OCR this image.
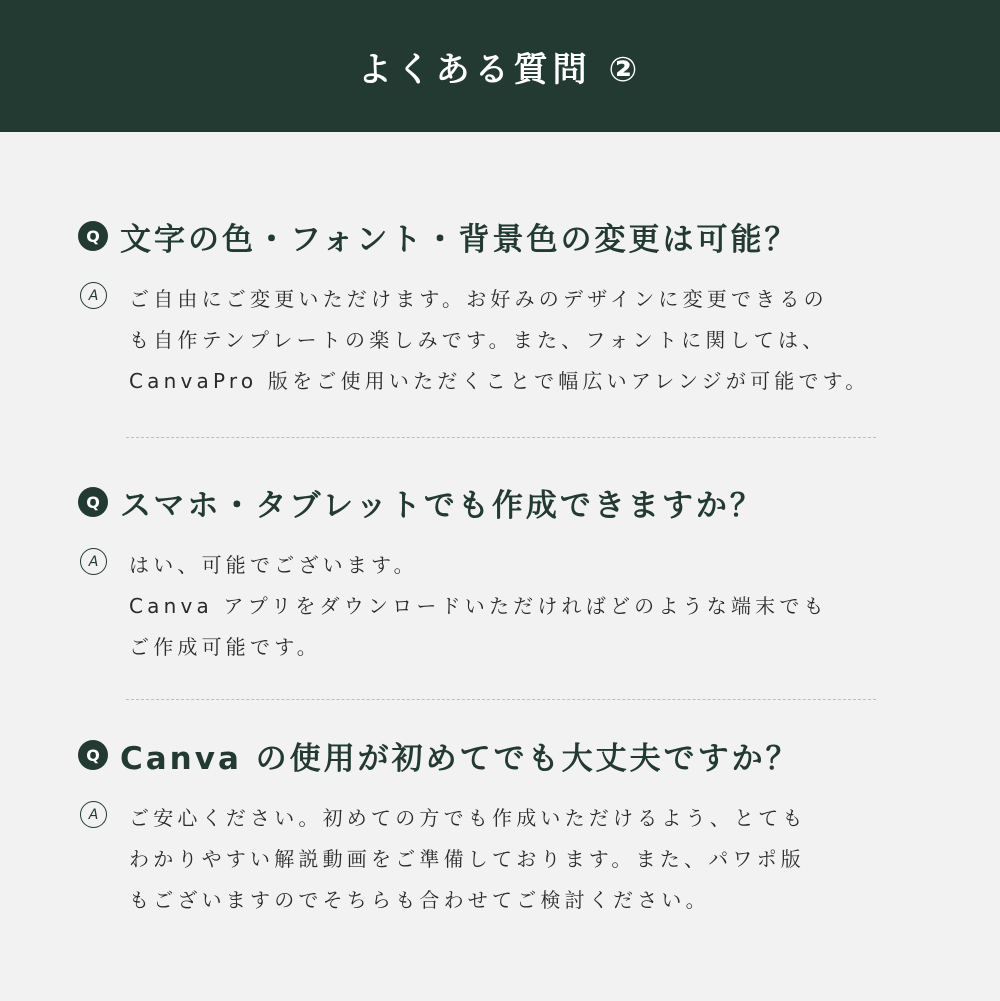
よくある質問 ②
Q 文字の色・フォント・背景色の変更は可能？
A	ご自由にご変更いただけます。お好みのデザインに変更できるの
も自作テンプレートの楽しみです。また、フォントに関しては、
CanvaPro 版をご使用いただくことで幅広いアレンジが可能です。
Q スマホ・タブレットでも作成できますか？
A	はい、可能でございます。
Canva アプリをダウンロードいただければどのような端末でも
ご作成可能です。
Q Canva の使用が初めてでも大丈夫ですか？
A	ご安心ください。初めての方でも作成いただけるよう、とても
わかりやすい解説動画をご準備しております。また、パワポ版
もございますのでそちらも合わせてご検討ください。
